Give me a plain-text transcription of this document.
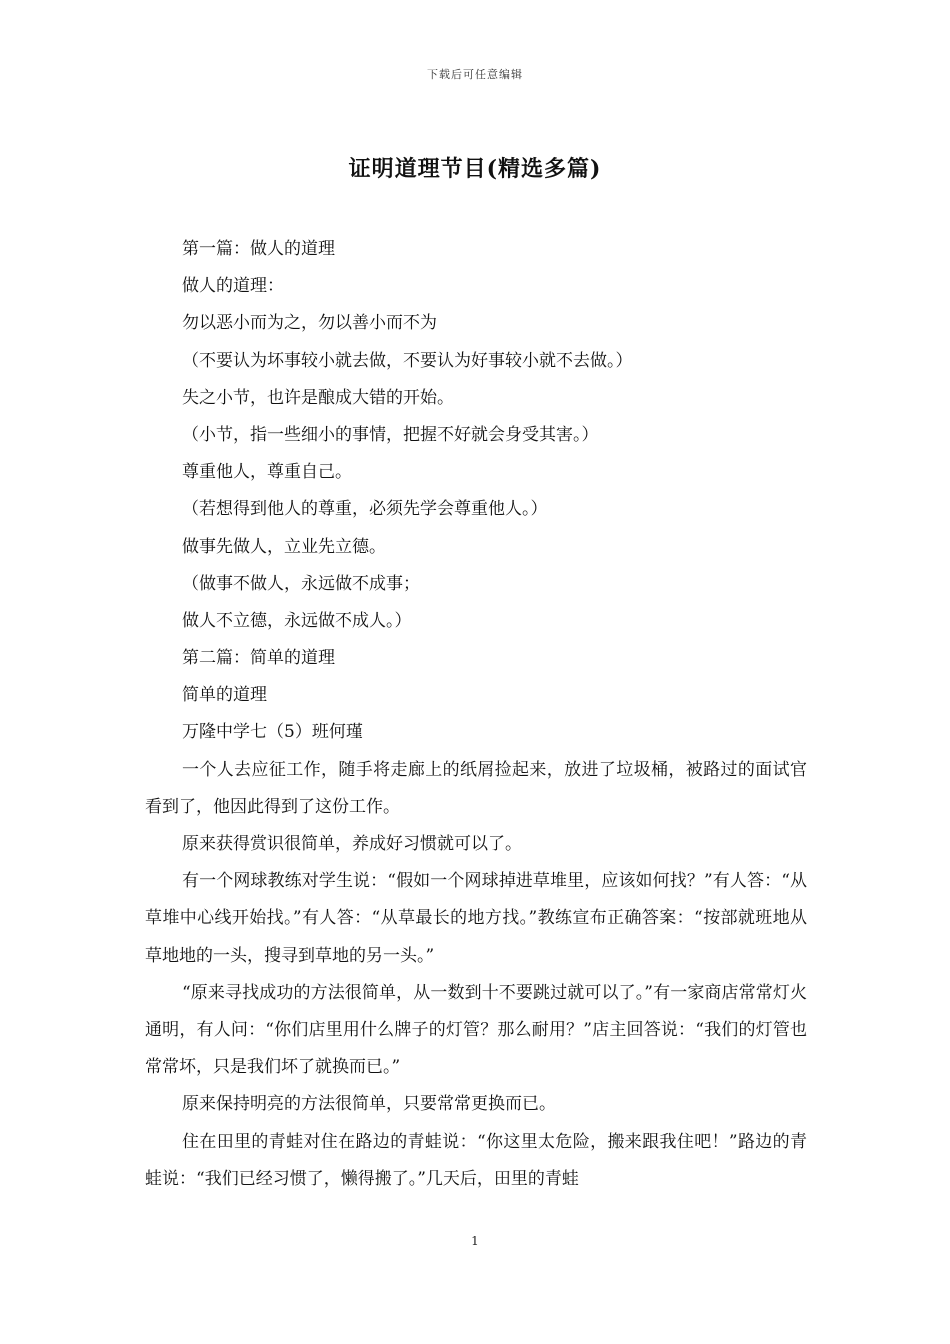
下载后可任意编辑
证明道理节目(精选多篇)
第一篇：做人的道理
做人的道理：
勿以恶小而为之，勿以善小而不为
（不要认为坏事较小就去做，不要认为好事较小就不去做。）
失之小节，也许是酿成大错的开始。
（小节，指一些细小的事情，把握不好就会身受其害。）
尊重他人，尊重自己。
（若想得到他人的尊重，必须先学会尊重他人。）
做事先做人，立业先立德。
（做事不做人，永远做不成事；
做人不立德，永远做不成人。）
第二篇：简单的道理
简单的道理
万隆中学七（5）班何瑾

一个人去应征工作，随手将走廊上的纸屑捡起来，放进了垃圾桶，被路过的面试官看到了，他因此得到了这份工作。

原来获得赏识很简单，养成好习惯就可以了。

有一个网球教练对学生说：“假如一个网球掉进草堆里，应该如何找？”有人答：“从草堆中心线开始找。”有人答：“从草最长的地方找。”教练宣布正确答案：“按部就班地从草地地的一头，搜寻到草地的另一头。”

“原来寻找成功的方法很简单，从一数到十不要跳过就可以了。”有一家商店常常灯火通明，有人问：“你们店里用什么牌子的灯管？那么耐用？”店主回答说：“我们的灯管也常常坏，只是我们坏了就换而已。”

原来保持明亮的方法很简单，只要常常更换而已。

住在田里的青蛙对住在路边的青蛙说：“你这里太危险，搬来跟我住吧！”路边的青蛙说：“我们已经习惯了，懒得搬了。”几天后，田里的青蛙

1
